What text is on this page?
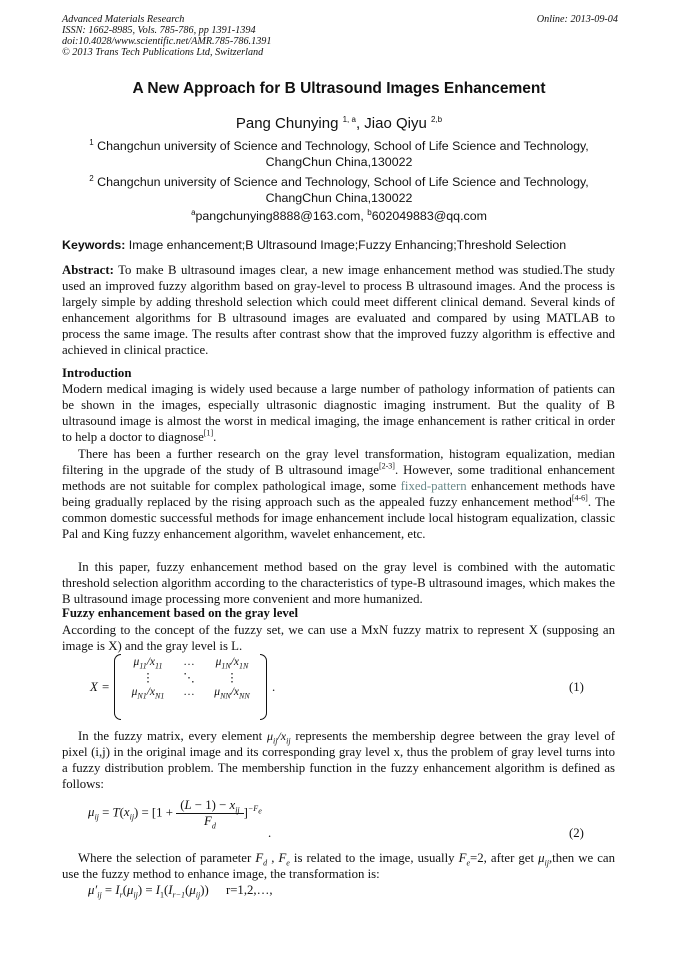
Advanced Materials Research
ISSN: 1662-8985, Vols. 785-786, pp 1391-1394
doi:10.4028/www.scientific.net/AMR.785-786.1391
© 2013 Trans Tech Publications Ltd, Switzerland
Online: 2013-09-04
A New Approach for B Ultrasound Images Enhancement
Pang Chunying $^{1, a}$, Jiao Qiyu $^{2,b}$
$^1$ Changchun university of Science and Technology, School of Life Science and Technology,
ChangChun China,130022
$^2$ Changchun university of Science and Technology, School of Life Science and Technology,
ChangChun China,130022
$^a$pangchunying8888@163.com, $^b$602049883@qq.com
Keywords: Image enhancement;B Ultrasound Image;Fuzzy Enhancing;Threshold Selection
Abstract: To make B ultrasound images clear, a new image enhancement method was studied.The study used an improved fuzzy algorithm based on gray-level to process B ultrasound images. And the process is largely simple by adding threshold selection which could meet different clinical demand. Several kinds of enhancement algorithms for B ultrasound images are evaluated and compared by using MATLAB to process the same image. The results after contrast show that the improved fuzzy algorithm is effective and achieved in clinical practice.
Introduction
Modern medical imaging is widely used because a large number of pathology information of patients can be shown in the images, especially ultrasonic diagnostic imaging instrument. But the quality of B ultrasound image is almost the worst in medical imaging, the image enhancement is rather critical in order to help a doctor to diagnose[1].
There has been a further research on the gray level transformation, histogram equalization, median filtering in the upgrade of the study of B ultrasound image[2-3]. However, some traditional enhancement methods are not suitable for complex pathological image, some fixed-pattern enhancement methods have being gradually replaced by the rising approach such as the appealed fuzzy enhancement method[4-6]. The common domestic successful methods for image enhancement include local histogram equalization, classic Pal and King fuzzy enhancement algorithm, wavelet enhancement, etc.
In this paper, fuzzy enhancement method based on the gray level is combined with the automatic threshold selection algorithm according to the characteristics of type-B ultrasound images, which makes the B ultrasound image processing more convenient and more humanized.
Fuzzy enhancement based on the gray level
According to the concept of the fuzzy set, we can use a MxN fuzzy matrix to represent X (supposing an image is X) and the gray level is L.
X =
$\mu_{11}/x_{11}$	…	$\mu_{1N}/x_{1N}$
⋮	⋱	⋮
$\mu_{N1}/x_{N1}$	…	$\mu_{NN}/x_{NN}$
.	(1)
In the fuzzy matrix, every element $\mu_{ij}/x_{ij}$ represents the membership degree between the gray level of pixel (i,j) in the original image and its corresponding gray level x, thus the problem of gray level turns into a fuzzy distribution problem. The membership function in the fuzzy enhancement algorithm is defined as follows:
$\mu_{ij} = T(x_{ij}) = [1 + \frac{(L - 1) - x_{ij}}{F_d} ]^{-F_e}$
.	(2)
Where the selection of parameter $F_d$ , $F_e$ is related to the image, usually $F_e=2$, after get $\mu_{ij},then$ we can use the fuzzy method to enhance image, the transformation is:
$\mu'_{ij} = I_r(\mu_{ij}) = I_1(I_{r-1}(\mu_{ij}))$ r=1,2,…,
